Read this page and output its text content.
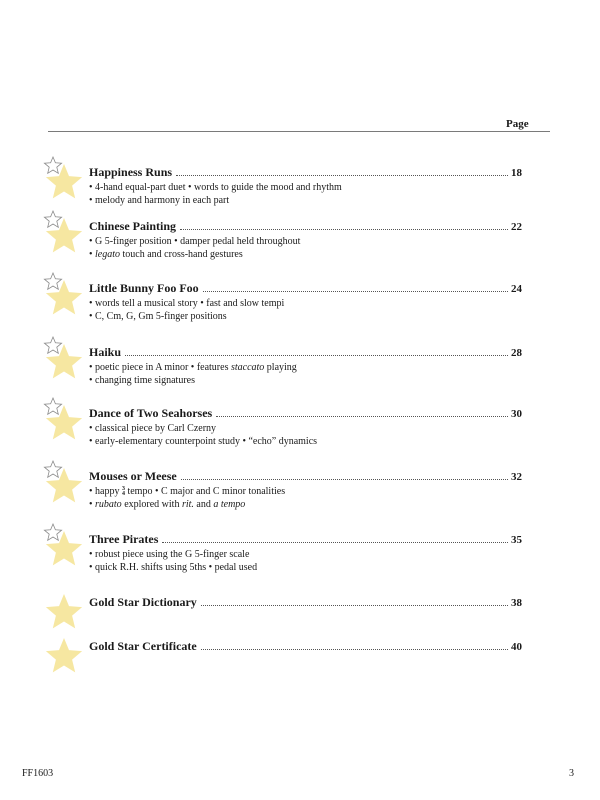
Page
Happiness Runs	18
• 4-hand equal-part duet • words to guide the mood and rhythm
• melody and harmony in each part
Chinese Painting	22
• G 5-finger position • damper pedal held throughout
• legato touch and cross-hand gestures
Little Bunny Foo Foo	24
• words tell a musical story • fast and slow tempi
• C, Cm, G, Gm 5-finger positions
Haiku	28
• poetic piece in A minor • features staccato playing
• changing time signatures
Dance of Two Seahorses	30
• classical piece by Carl Czerny
• early-elementary counterpoint study • “echo” dynamics
Mouses or Meese	32
• happy 3
4 tempo • C major and C minor tonalities
• rubato explored with rit. and a tempo
Three Pirates	35
• robust piece using the G 5-finger scale
• quick R.H. shifts using 5ths • pedal used
Gold Star Dictionary	38
Gold Star Certificate	40
FF1603	3
